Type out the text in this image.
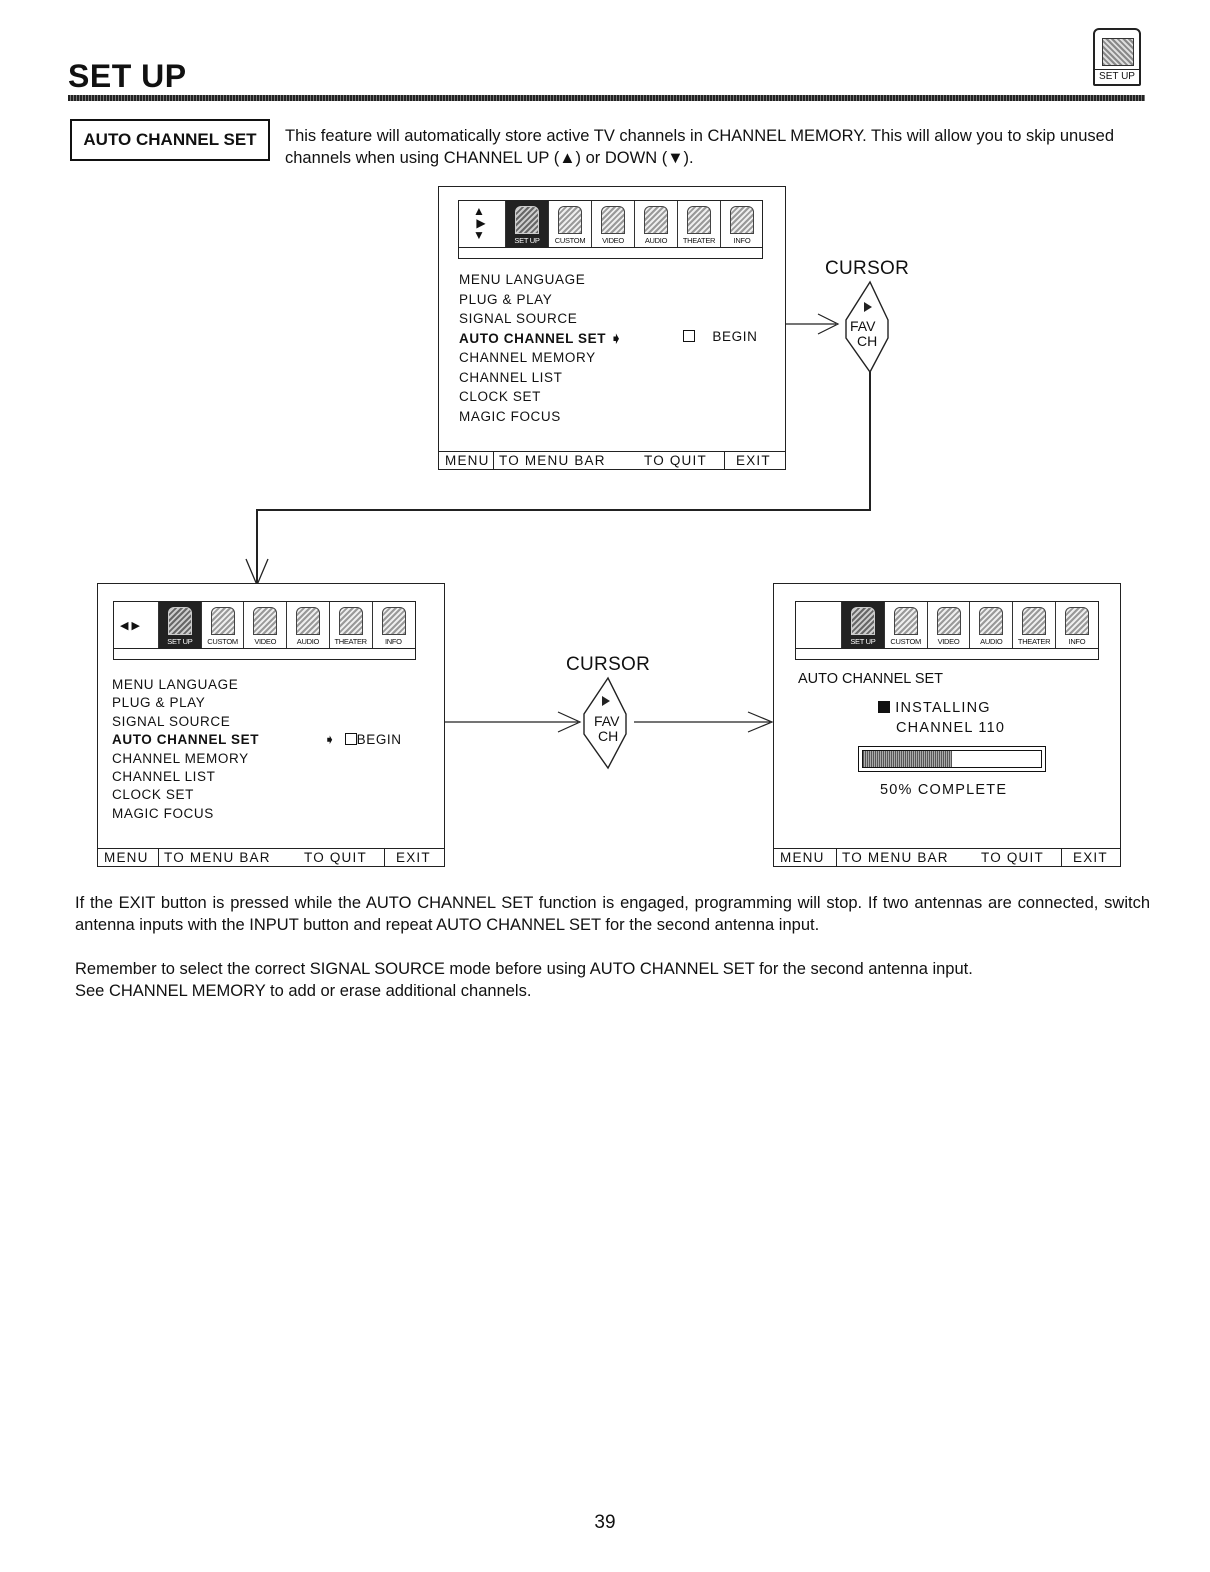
SET UP	SET UP
AUTO CHANNEL SET	This feature will automatically store active TV channels in CHANNEL MEMORY. This will allow you to skip unused channels when using CHANNEL UP (▲) or DOWN (▼).
▲
▶
▼	SET UP	CUSTOM	VIDEO	AUDIO	THEATER	INFO
MENU LANGUAGE
PLUG & PLAY
SIGNAL SOURCE
AUTO CHANNEL SET ➧
CHANNEL MEMORY
CHANNEL LIST
CLOCK SET
MAGIC FOCUS
BEGIN
MENU TO MENU BAR	TO QUIT EXIT
CURSOR
FAV
CH
◀ ▶
SET UP	CUSTOM	VIDEO	AUDIO	THEATER	INFO
MENU LANGUAGE
PLUG & PLAY
SIGNAL SOURCE
AUTO CHANNEL SET
CHANNEL MEMORY
CHANNEL LIST
CLOCK SET
MAGIC FOCUS
➧ BEGIN
MENU TO MENU BAR TO QUIT EXIT
CURSOR
FAV
CH
SET UP	CUSTOM	VIDEO	AUDIO	THEATER	INFO
AUTO CHANNEL SET
INSTALLING
CHANNEL 110
50% COMPLETE
MENU TO MENU BAR TO QUIT EXIT
If the EXIT button is pressed while the AUTO CHANNEL SET function is engaged, programming will stop. If two antennas are connected, switch antenna inputs with the INPUT button and repeat AUTO CHANNEL SET for the second antenna input.
Remember to select the correct SIGNAL SOURCE mode before using AUTO CHANNEL SET for the second antenna input.
See CHANNEL MEMORY to add or erase additional channels.
39
